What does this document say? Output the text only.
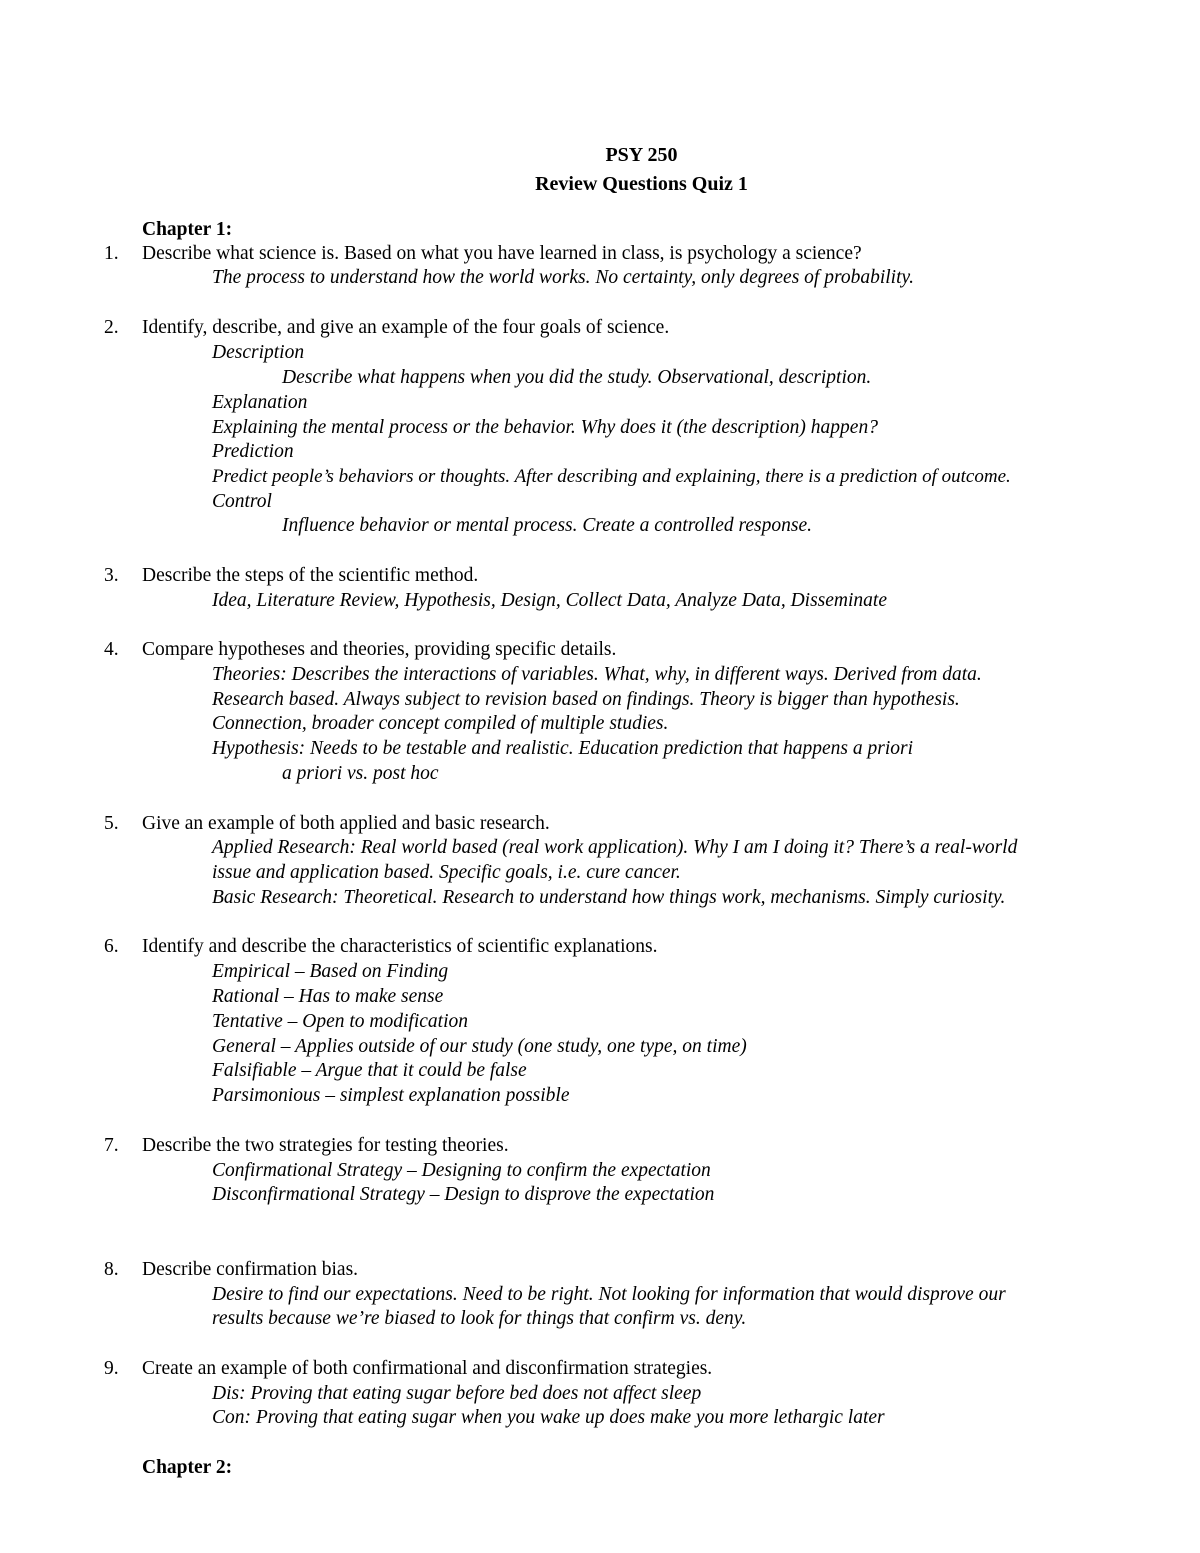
PSY 250
Review Questions Quiz 1
Chapter 1:
1. Describe what science is. Based on what you have learned in class, is psychology a science?
The process to understand how the world works. No certainty, only degrees of probability.
2. Identify, describe, and give an example of the four goals of science.
Description
Describe what happens when you did the study. Observational, description.
Explanation
Explaining the mental process or the behavior. Why does it (the description) happen?
Prediction
Predict people’s behaviors or thoughts. After describing and explaining, there is a prediction of outcome.
Control
Influence behavior or mental process. Create a controlled response.
3. Describe the steps of the scientific method.
Idea, Literature Review, Hypothesis, Design, Collect Data, Analyze Data, Disseminate
4. Compare hypotheses and theories, providing specific details.
Theories: Describes the interactions of variables. What, why, in different ways. Derived from data.
Research based. Always subject to revision based on findings. Theory is bigger than hypothesis.
Connection, broader concept compiled of multiple studies.
Hypothesis: Needs to be testable and realistic. Education prediction that happens a priori
a priori vs. post hoc
5. Give an example of both applied and basic research.
Applied Research: Real world based (real work application). Why I am I doing it? There’s a real-world
issue and application based. Specific goals, i.e. cure cancer.
Basic Research: Theoretical. Research to understand how things work, mechanisms. Simply curiosity.
6. Identify and describe the characteristics of scientific explanations.
Empirical – Based on Finding
Rational – Has to make sense
Tentative – Open to modification
General – Applies outside of our study (one study, one type, on time)
Falsifiable – Argue that it could be false
Parsimonious – simplest explanation possible
7. Describe the two strategies for testing theories.
Confirmational Strategy – Designing to confirm the expectation
Disconfirmational Strategy – Design to disprove the expectation
8. Describe confirmation bias.
Desire to find our expectations. Need to be right. Not looking for information that would disprove our
results because we’re biased to look for things that confirm vs. deny.
9. Create an example of both confirmational and disconfirmation strategies.
Dis: Proving that eating sugar before bed does not affect sleep
Con: Proving that eating sugar when you wake up does make you more lethargic later
Chapter 2:
